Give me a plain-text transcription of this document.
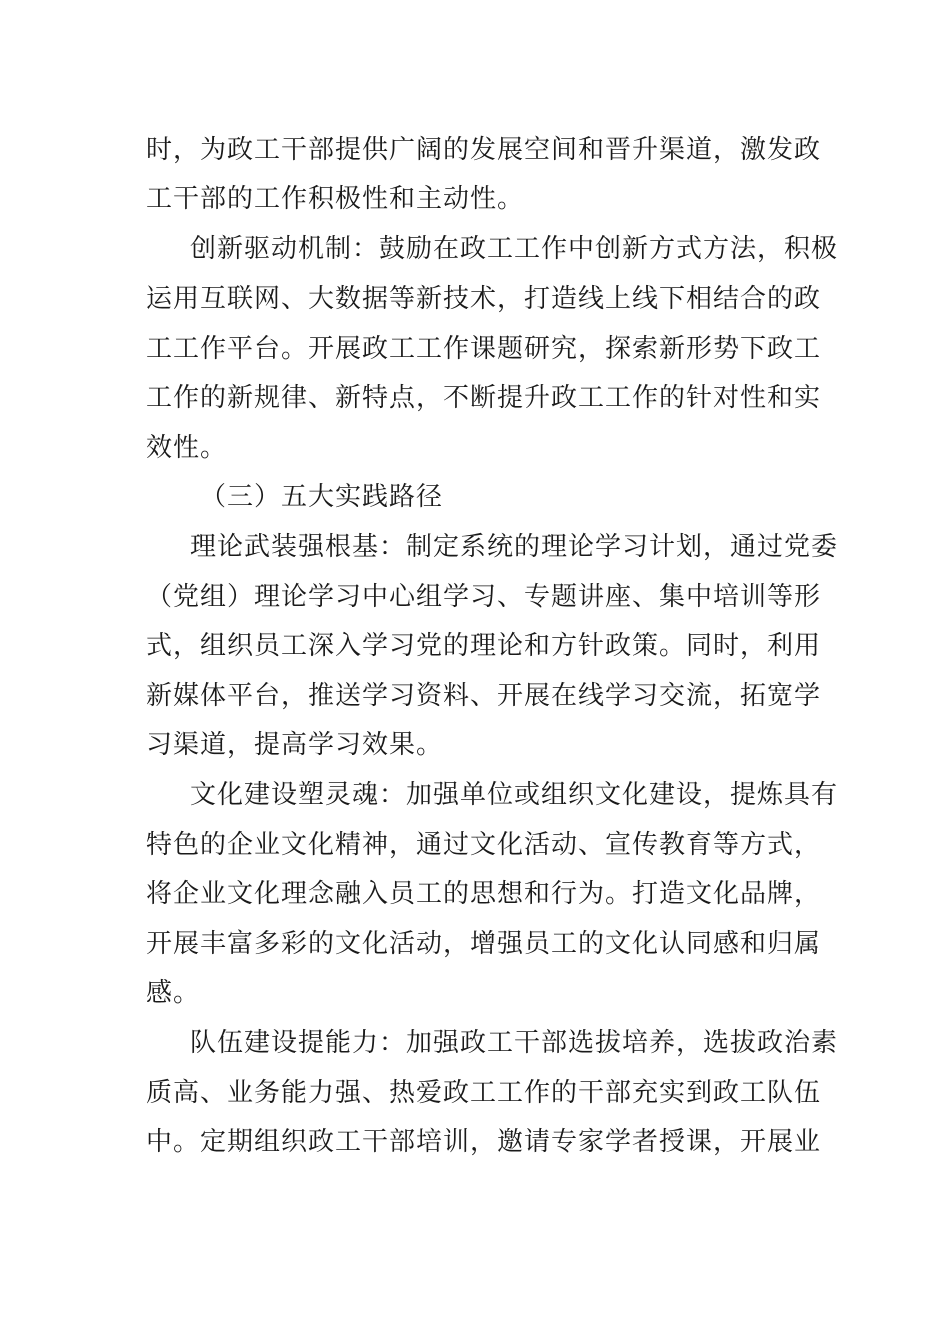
时，为政工干部提供广阔的发展空间和晋升渠道，激发政
工干部的工作积极性和主动性。
创新驱动机制：鼓励在政工工作中创新方式方法，积极
运用互联网、大数据等新技术，打造线上线下相结合的政
工工作平台。开展政工工作课题研究，探索新形势下政工
工作的新规律、新特点，不断提升政工工作的针对性和实
效性。
（三）五大实践路径
理论武装强根基：制定系统的理论学习计划，通过党委
（党组）理论学习中心组学习、专题讲座、集中培训等形
式，组织员工深入学习党的理论和方针政策。同时，利用
新媒体平台，推送学习资料、开展在线学习交流，拓宽学
习渠道，提高学习效果。
文化建设塑灵魂：加强单位或组织文化建设，提炼具有
特色的企业文化精神，通过文化活动、宣传教育等方式，
将企业文化理念融入员工的思想和行为。打造文化品牌，
开展丰富多彩的文化活动，增强员工的文化认同感和归属
感。
队伍建设提能力：加强政工干部选拔培养，选拔政治素
质高、业务能力强、热爱政工工作的干部充实到政工队伍
中。定期组织政工干部培训，邀请专家学者授课，开展业
